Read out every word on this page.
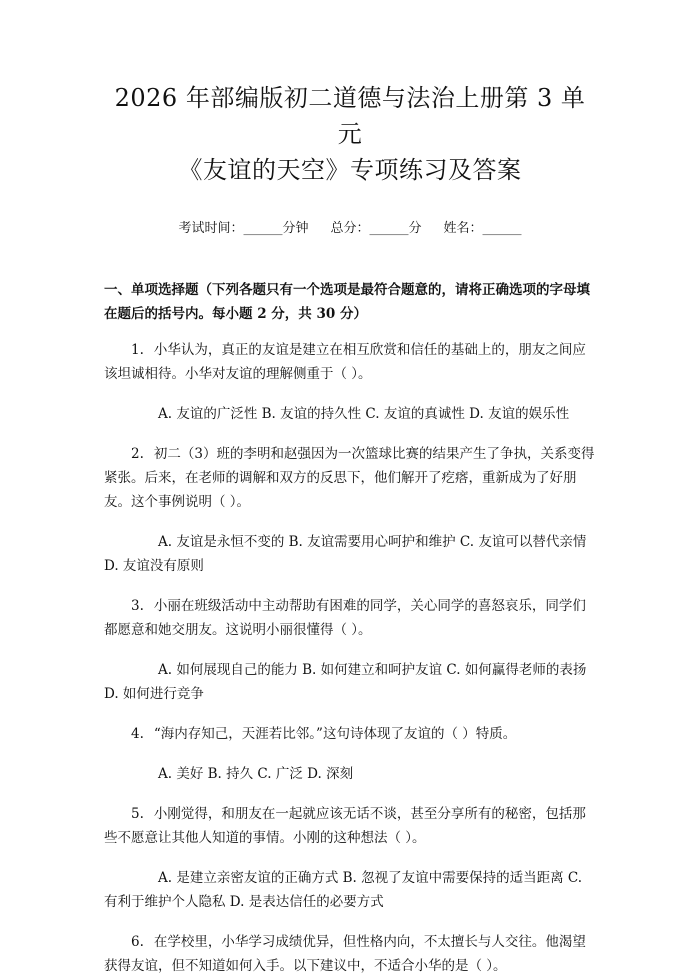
2026 年部编版初二道德与法治上册第 3 单元
《友谊的天空》专项练习及答案
考试时间：______分钟 总分：______分 姓名：______
一、单项选择题（下列各题只有一个选项是最符合题意的，请将正确选项的字母填在题后的括号内。每小题 2 分，共 30 分）

1. 小华认为，真正的友谊是建立在相互欣赏和信任的基础上的，朋友之间应该坦诚相待。小华对友谊的理解侧重于（ ）。

A. 友谊的广泛性 B. 友谊的持久性 C. 友谊的真诚性 D. 友谊的娱乐性

2. 初二（3）班的李明和赵强因为一次篮球比赛的结果产生了争执，关系变得紧张。后来，在老师的调解和双方的反思下，他们解开了疙瘩，重新成为了好朋友。这个事例说明（ ）。

A. 友谊是永恒不变的 B. 友谊需要用心呵护和维护 C. 友谊可以替代亲情 D. 友谊没有原则

3. 小丽在班级活动中主动帮助有困难的同学，关心同学的喜怒哀乐，同学们都愿意和她交朋友。这说明小丽很懂得（ ）。

A. 如何展现自己的能力 B. 如何建立和呵护友谊 C. 如何赢得老师的表扬 D. 如何进行竞争

4. “海内存知己，天涯若比邻。”这句诗体现了友谊的（ ）特质。

A. 美好 B. 持久 C. 广泛 D. 深刻

5. 小刚觉得，和朋友在一起就应该无话不谈，甚至分享所有的秘密，包括那些不愿意让其他人知道的事情。小刚的这种想法（ ）。

A. 是建立亲密友谊的正确方式 B. 忽视了友谊中需要保持的适当距离 C. 有利于维护个人隐私 D. 是表达信任的必要方式

6. 在学校里，小华学习成绩优异，但性格内向，不太擅长与人交往。他渴望获得友谊，但不知道如何入手。以下建议中，不适合小华的是（ ）。
